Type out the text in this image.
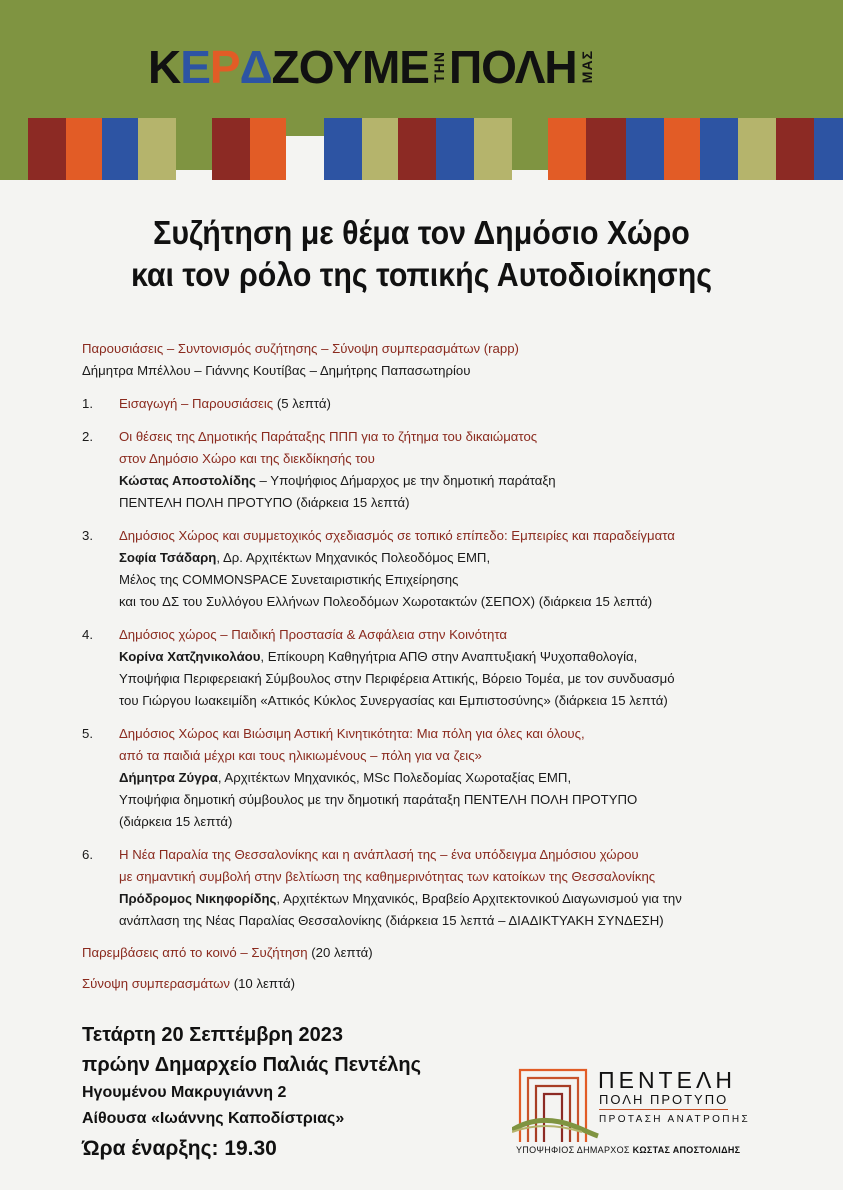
ΚΕΡΔ ΖΟΥΜΕ ΤΗΝ ΠΟΛΗ ΜΑΣ
Συζήτηση με θέμα τον Δημόσιο Χώρο
και τον ρόλο της τοπικής Αυτοδιοίκησης
Παρουσιάσεις – Συντονισμός συζήτησης – Σύνοψη συμπερασμάτων (rapp)
Δήμητρα Μπέλλου – Γιάννης Κουτίβας – Δημήτρης Παπασωτηρίου
1. Εισαγωγή – Παρουσιάσεις (5 λεπτά)
2. Οι θέσεις της Δημοτικής Παράταξης ΠΠΠ για το ζήτημα του δικαιώματος
στον Δημόσιο Χώρο και της διεκδίκησής του
Κώστας Αποστολίδης – Υποψήφιος Δήμαρχος με την δημοτική παράταξη
ΠΕΝΤΕΛΗ ΠΟΛΗ ΠΡΟΤΥΠΟ (διάρκεια 15 λεπτά)
3. Δημόσιος Χώρος και συμμετοχικός σχεδιασμός σε τοπικό επίπεδο: Εμπειρίες και παραδείγματα
Σοφία Τσάδαρη, Δρ. Αρχιτέκτων Μηχανικός Πολεοδόμος ΕΜΠ,
Μέλος της COMMONSPACE Συνεταιριστικής Επιχείρησης
και του ΔΣ του Συλλόγου Ελλήνων Πολεοδόμων Χωροτακτών (ΣΕΠΟΧ) (διάρκεια 15 λεπτά)
4. Δημόσιος χώρος – Παιδική Προστασία & Ασφάλεια στην Κοινότητα
Κορίνα Χατζηνικολάου, Επίκουρη Καθηγήτρια ΑΠΘ στην Αναπτυξιακή Ψυχοπαθολογία,
Υποψήφια Περιφερειακή Σύμβουλος στην Περιφέρεια Αττικής, Βόρειο Τομέα, με τον συνδυασμό
του Γιώργου Ιωακειμίδη «Αττικός Κύκλος Συνεργασίας και Εμπιστοσύνης» (διάρκεια 15 λεπτά)
5. Δημόσιος Χώρος και Βιώσιμη Αστική Κινητικότητα: Μια πόλη για όλες και όλους,
από τα παιδιά μέχρι και τους ηλικιωμένους – πόλη για να ζεις»
Δήμητρα Ζύγρα, Αρχιτέκτων Μηχανικός, MSc Πολεδομίας Χωροταξίας ΕΜΠ,
Υποψήφια δημοτική σύμβουλος με την δημοτική παράταξη ΠΕΝΤΕΛΗ ΠΟΛΗ ΠΡΟΤΥΠΟ
(διάρκεια 15 λεπτά)
6. Η Νέα Παραλία της Θεσσαλονίκης και η ανάπλασή της – ένα υπόδειγμα Δημόσιου χώρου
με σημαντική συμβολή στην βελτίωση της καθημερινότητας των κατοίκων της Θεσσαλονίκης
Πρόδρομος Νικηφορίδης, Αρχιτέκτων Μηχανικός, Βραβείο Αρχιτεκτονικού Διαγωνισμού για την
ανάπλαση της Νέας Παραλίας Θεσσαλονίκης (διάρκεια 15 λεπτά – ΔΙΑΔΙΚΤΥΑΚΗ ΣΥΝΔΕΣΗ)
Παρεμβάσεις από το κοινό – Συζήτηση (20 λεπτά)
Σύνοψη συμπερασμάτων (10 λεπτά)
Τετάρτη 20 Σεπτέμβρη 2023
πρώην Δημαρχείο Παλιάς Πεντέλης
Ηγουμένου Μακρυγιάννη 2
Αίθουσα «Ιωάννης Καποδίστριας»
Ώρα έναρξης: 19.30
ΠΕΝΤΕΛΗ
ΠΟΛΗ ΠΡΟΤΥΠΟ
ΠΡΟΤΑΣΗ ΑΝΑΤΡΟΠΗΣ
ΥΠΟΨΗΦΙΟΣ ΔΗΜΑΡΧΟΣ ΚΩΣΤΑΣ ΑΠΟΣΤΟΛΙΔΗΣ
